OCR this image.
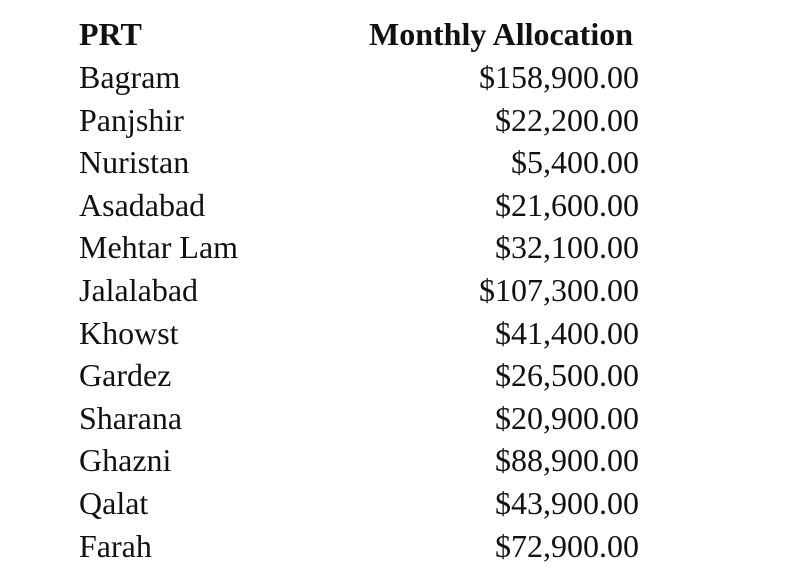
PRT	Monthly Allocation
Bagram	$158,900.00
Panjshir	$22,200.00
Nuristan	$5,400.00
Asadabad	$21,600.00
Mehtar Lam	$32,100.00
Jalalabad	$107,300.00
Khowst	$41,400.00
Gardez	$26,500.00
Sharana	$20,900.00
Ghazni	$88,900.00
Qalat	$43,900.00
Farah	$72,900.00
